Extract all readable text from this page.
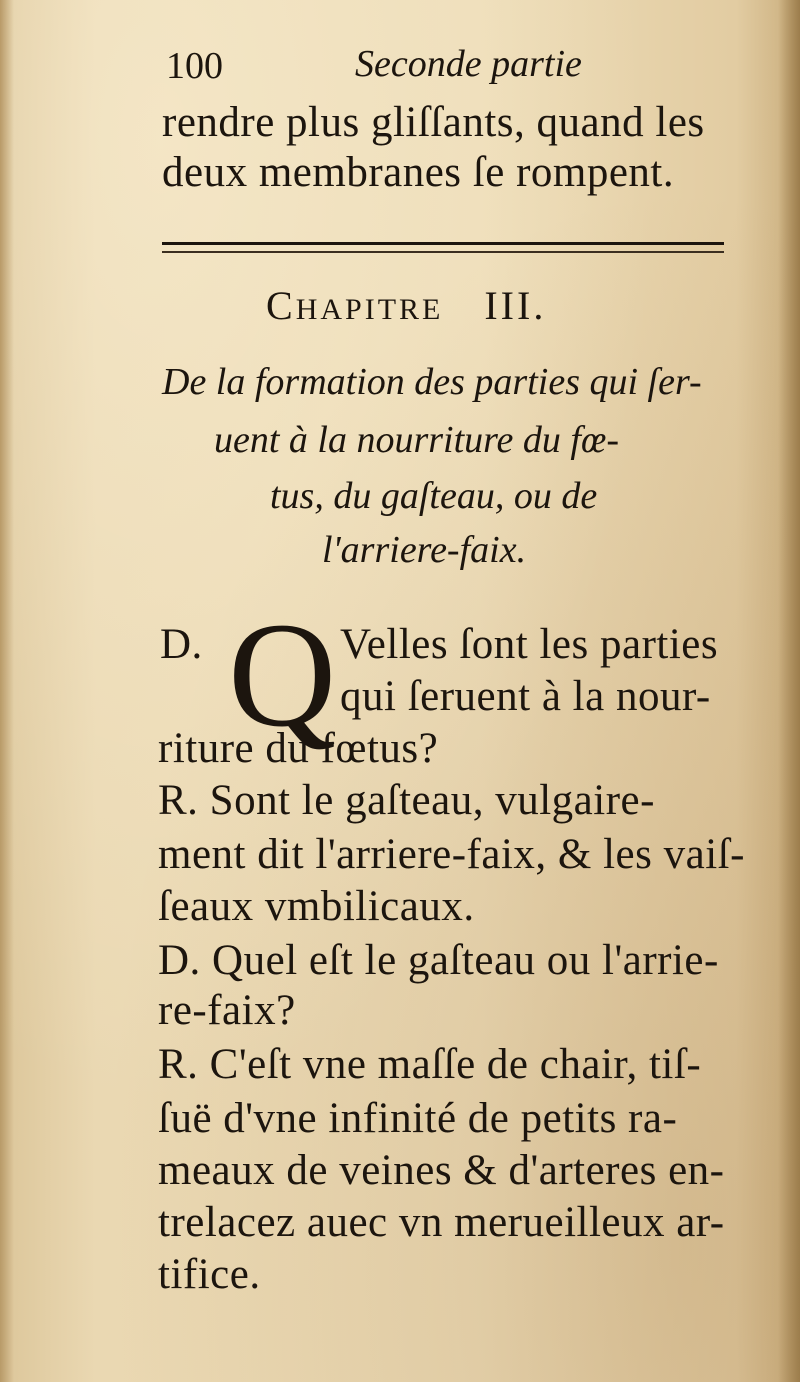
100	Seconde partie
rendre plus gliſſants, quand les
deux membranes ſe rompent.
CHAPITRE III.
De la formation des parties qui ſer-
uent à la nourriture du fœ-
tus, du gaſteau, ou de
l'arriere-faix.
D. Q Velles ſont les parties
qui ſeruent à la nour-
riture du fœtus?
R. Sont le gaſteau, vulgaire-
ment dit l'arriere-faix, & les vaiſ-
ſeaux vmbilicaux.
D. Quel eſt le gaſteau ou l'arrie-
re-faix?
R. C'eſt vne maſſe de chair, tiſ-
ſuë d'vne infinité de petits ra-
meaux de veines & d'arteres en-
trelacez auec vn merueilleux ar-
tifice.
